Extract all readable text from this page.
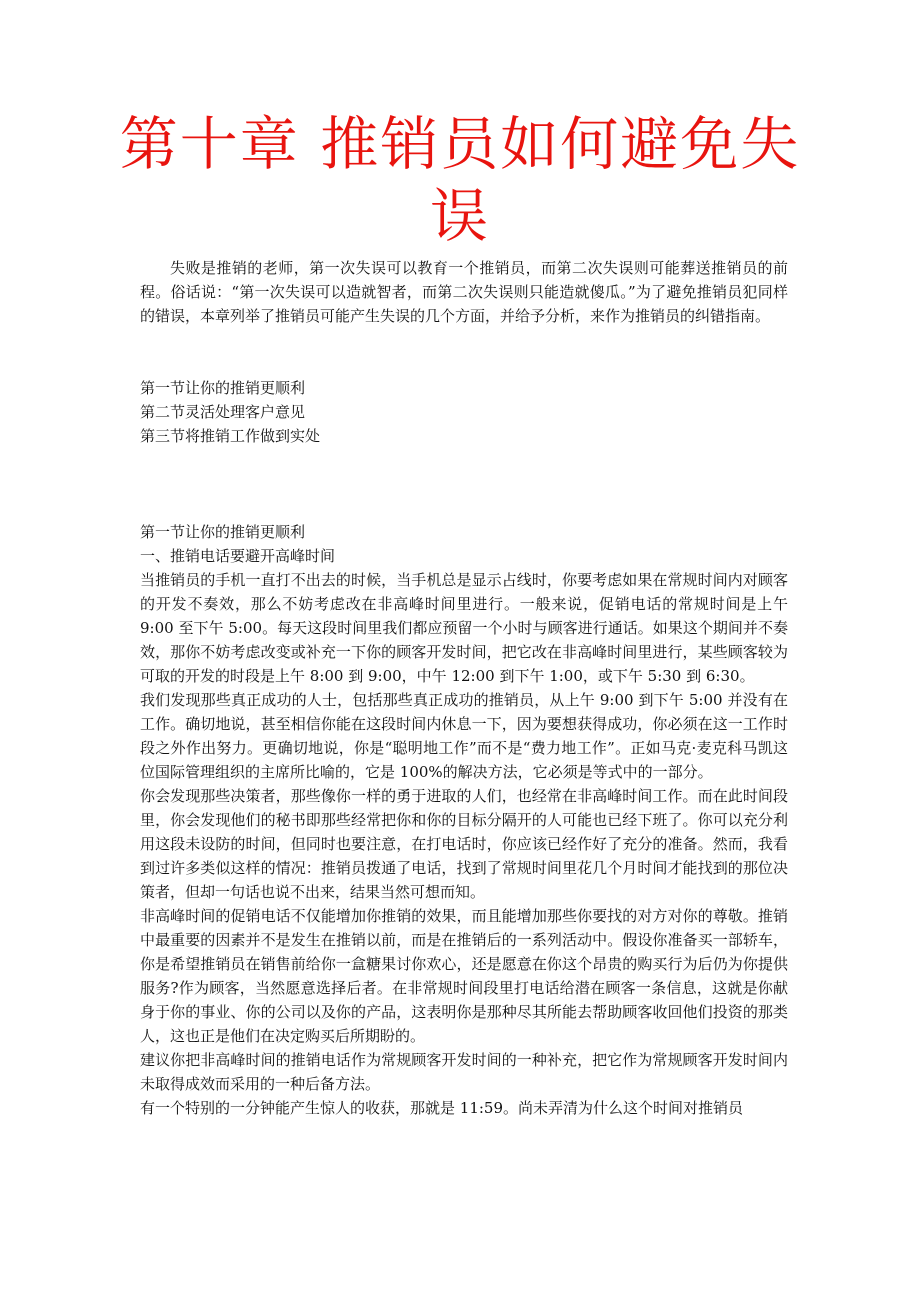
第十章 推销员如何避免失误

失败是推销的老师，第一次失误可以教育一个推销员，而第二次失误则可能葬送推销员的前程。俗话说：“第一次失误可以造就智者，而第二次失误则只能造就傻瓜。”为了避免推销员犯同样的错误，本章列举了推销员可能产生失误的几个方面，并给予分析，来作为推销员的纠错指南。

第一节让你的推销更顺利
第二节灵活处理客户意见
第三节将推销工作做到实处

第一节让你的推销更顺利

一、推销电话要避开高峰时间

当推销员的手机一直打不出去的时候，当手机总是显示占线时，你要考虑如果在常规时间内对顾客的开发不奏效，那么不妨考虑改在非高峰时间里进行。一般来说，促销电话的常规时间是上午 9:00 至下午 5:00。每天这段时间里我们都应预留一个小时与顾客进行通话。如果这个期间并不奏效，那你不妨考虑改变或补充一下你的顾客开发时间，把它改在非高峰时间里进行，某些顾客较为可取的开发的时段是上午 8:00 到 9:00，中午 12:00 到下午 1:00，或下午 5:30 到 6:30。

我们发现那些真正成功的人士，包括那些真正成功的推销员，从上午 9:00 到下午 5:00 并没有在工作。确切地说，甚至相信你能在这段时间内休息一下，因为要想获得成功，你必须在这一工作时段之外作出努力。更确切地说，你是“聪明地工作”而不是“费力地工作”。正如马克·麦克科马凯这位国际管理组织的主席所比喻的，它是 100%的解决方法，它必须是等式中的一部分。

你会发现那些决策者，那些像你一样的勇于进取的人们，也经常在非高峰时间工作。而在此时间段里，你会发现他们的秘书即那些经常把你和你的目标分隔开的人可能也已经下班了。你可以充分利用这段未设防的时间，但同时也要注意，在打电话时，你应该已经作好了充分的准备。然而，我看到过许多类似这样的情况：推销员拨通了电话，找到了常规时间里花几个月时间才能找到的那位决策者，但却一句话也说不出来，结果当然可想而知。

非高峰时间的促销电话不仅能增加你推销的效果，而且能增加那些你要找的对方对你的尊敬。推销中最重要的因素并不是发生在推销以前，而是在推销后的一系列活动中。假设你准备买一部轿车，你是希望推销员在销售前给你一盒糖果讨你欢心，还是愿意在你这个昂贵的购买行为后仍为你提供服务?作为顾客，当然愿意选择后者。在非常规时间段里打电话给潜在顾客一条信息，这就是你献身于你的事业、你的公司以及你的产品，这表明你是那种尽其所能去帮助顾客收回他们投资的那类人，这也正是他们在决定购买后所期盼的。

建议你把非高峰时间的推销电话作为常规顾客开发时间的一种补充，把它作为常规顾客开发时间内未取得成效而采用的一种后备方法。

有一个特别的一分钟能产生惊人的收获，那就是 11:59。尚未弄清为什么这个时间对推销员
